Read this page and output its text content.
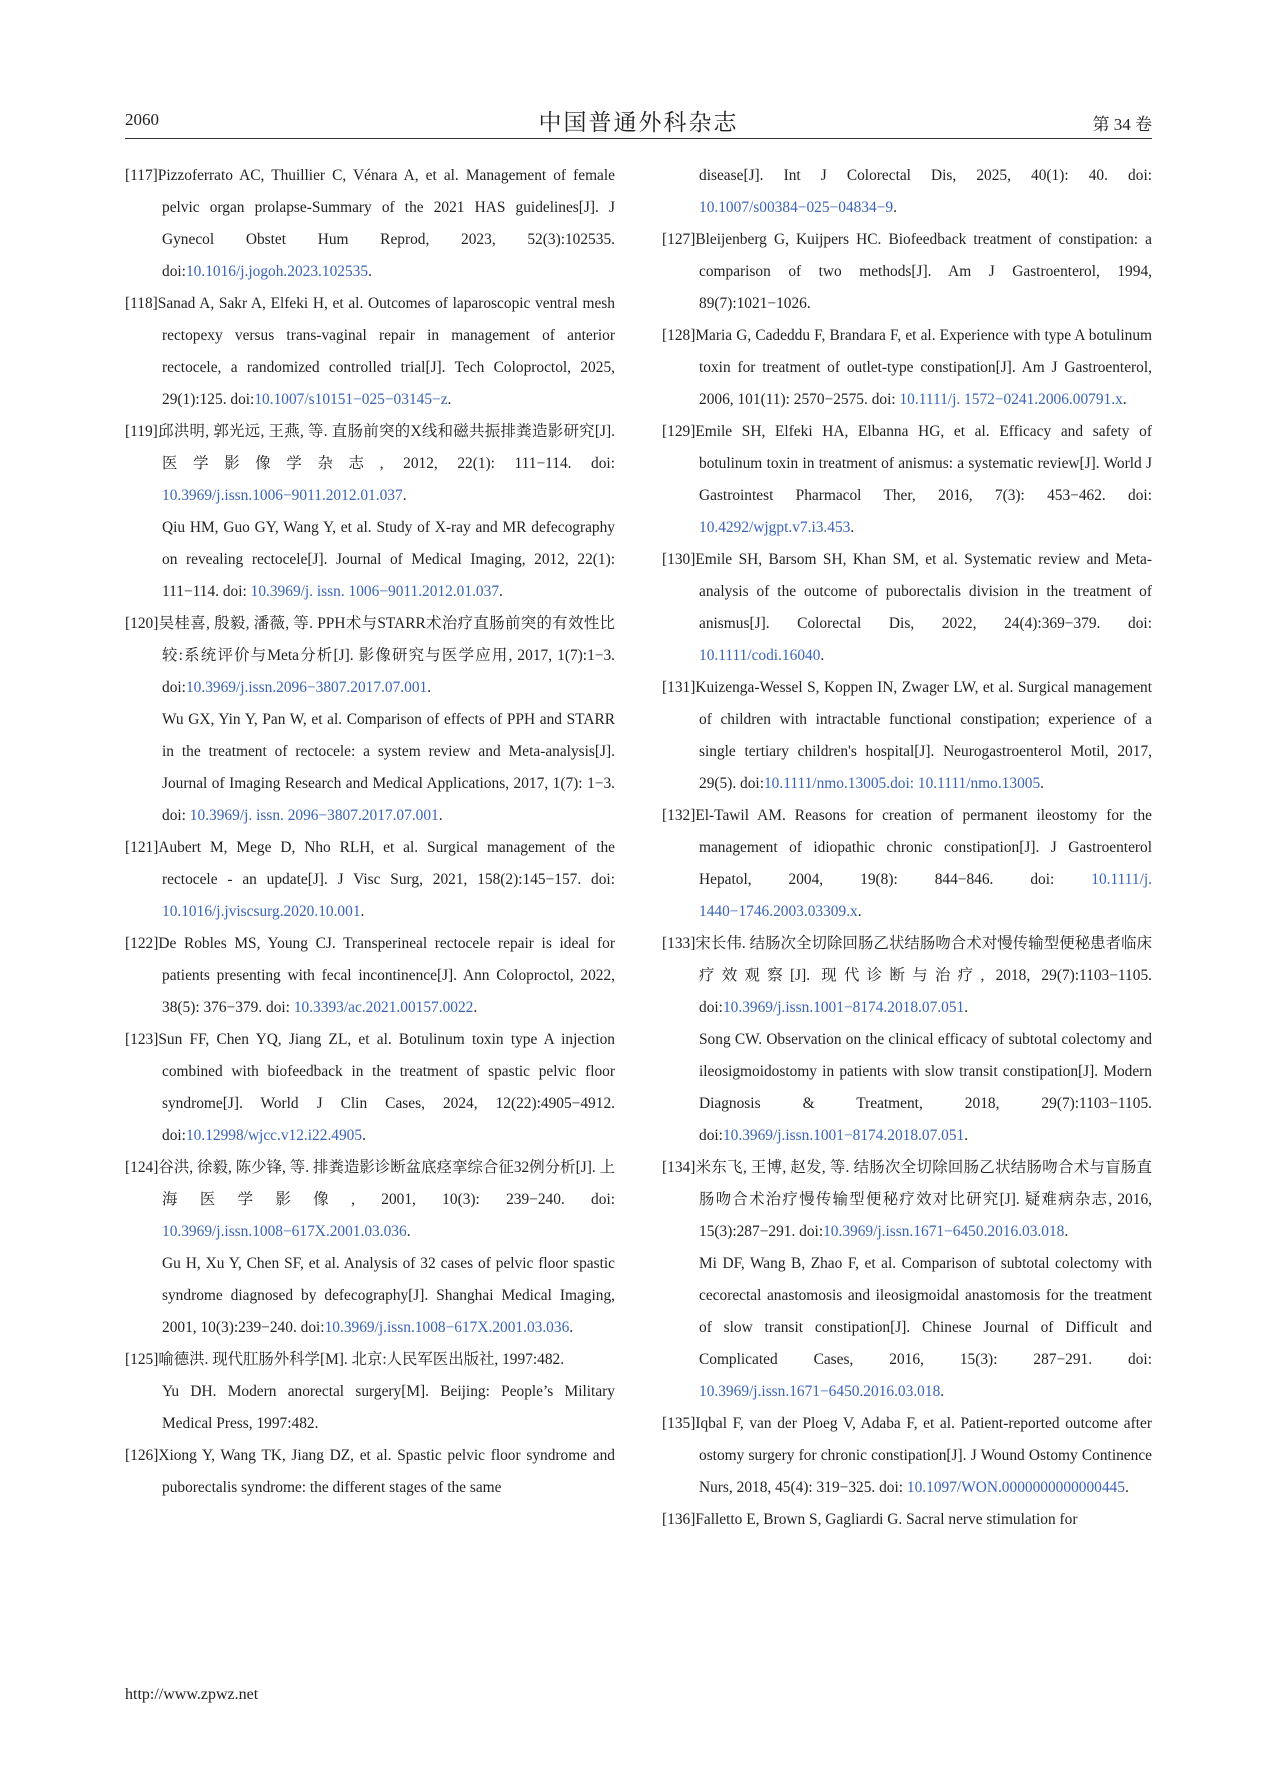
2060	中国普通外科杂志	第 34 卷
[117]Pizzoferrato AC, Thuillier C, Vénara A, et al. Management of female pelvic organ prolapse-Summary of the 2021 HAS guidelines[J]. J Gynecol Obstet Hum Reprod, 2023, 52(3):102535. doi:10.1016/j.jogoh.2023.102535.
[118]Sanad A, Sakr A, Elfeki H, et al. Outcomes of laparoscopic ventral mesh rectopexy versus trans-vaginal repair in management of anterior rectocele, a randomized controlled trial[J]. Tech Coloproctol, 2025, 29(1):125. doi:10.1007/s10151−025−03145−z.
[119]邱洪明, 郭光远, 王燕, 等. 直肠前突的X线和磁共振排粪造影研究[J]. 医学影像学杂志, 2012, 22(1): 111−114. doi: 10.3969/j.issn.1006−9011.2012.01.037.
Qiu HM, Guo GY, Wang Y, et al. Study of X-ray and MR defecography on revealing rectocele[J]. Journal of Medical Imaging, 2012, 22(1): 111−114. doi: 10.3969/j. issn. 1006−9011.2012.01.037.
[120]吴桂喜, 殷毅, 潘薇, 等. PPH术与STARR术治疗直肠前突的有效性比较:系统评价与Meta分析[J]. 影像研究与医学应用, 2017, 1(7):1−3. doi:10.3969/j.issn.2096−3807.2017.07.001.
Wu GX, Yin Y, Pan W, et al. Comparison of effects of PPH and STARR in the treatment of rectocele: a system review and Meta-analysis[J]. Journal of Imaging Research and Medical Applications, 2017, 1(7): 1−3. doi: 10.3969/j. issn. 2096−3807.2017.07.001.
[121]Aubert M, Mege D, Nho RLH, et al. Surgical management of the rectocele - an update[J]. J Visc Surg, 2021, 158(2):145−157. doi: 10.1016/j.jviscsurg.2020.10.001.
[122]De Robles MS, Young CJ. Transperineal rectocele repair is ideal for patients presenting with fecal incontinence[J]. Ann Coloproctol, 2022, 38(5): 376−379. doi: 10.3393/ac.2021.00157.0022.
[123]Sun FF, Chen YQ, Jiang ZL, et al. Botulinum toxin type A injection combined with biofeedback in the treatment of spastic pelvic floor syndrome[J]. World J Clin Cases, 2024, 12(22):4905−4912. doi:10.12998/wjcc.v12.i22.4905.
[124]谷洪, 徐毅, 陈少锋, 等. 排粪造影诊断盆底痉挛综合征32例分析[J]. 上海医学影像, 2001, 10(3): 239−240. doi: 10.3969/j.issn.1008−617X.2001.03.036.
Gu H, Xu Y, Chen SF, et al. Analysis of 32 cases of pelvic floor spastic syndrome diagnosed by defecography[J]. Shanghai Medical Imaging, 2001, 10(3):239−240. doi:10.3969/j.issn.1008−617X.2001.03.036.
[125]喻德洪. 现代肛肠外科学[M]. 北京:人民军医出版社, 1997:482.
Yu DH. Modern anorectal surgery[M]. Beijing: People’s Military Medical Press, 1997:482.
[126]Xiong Y, Wang TK, Jiang DZ, et al. Spastic pelvic floor syndrome and puborectalis syndrome: the different stages of the same
disease[J]. Int J Colorectal Dis, 2025, 40(1): 40. doi: 10.1007/s00384−025−04834−9.
[127]Bleijenberg G, Kuijpers HC. Biofeedback treatment of constipation: a comparison of two methods[J]. Am J Gastroenterol, 1994, 89(7):1021−1026.
[128]Maria G, Cadeddu F, Brandara F, et al. Experience with type A botulinum toxin for treatment of outlet-type constipation[J]. Am J Gastroenterol, 2006, 101(11): 2570−2575. doi: 10.1111/j. 1572−0241.2006.00791.x.
[129]Emile SH, Elfeki HA, Elbanna HG, et al. Efficacy and safety of botulinum toxin in treatment of anismus: a systematic review[J]. World J Gastrointest Pharmacol Ther, 2016, 7(3): 453−462. doi: 10.4292/wjgpt.v7.i3.453.
[130]Emile SH, Barsom SH, Khan SM, et al. Systematic review and Meta-analysis of the outcome of puborectalis division in the treatment of anismus[J]. Colorectal Dis, 2022, 24(4):369−379. doi: 10.1111/codi.16040.
[131]Kuizenga-Wessel S, Koppen IN, Zwager LW, et al. Surgical management of children with intractable functional constipation; experience of a single tertiary children's hospital[J]. Neurogastroenterol Motil, 2017, 29(5). doi:10.1111/nmo.13005.doi: 10.1111/nmo.13005.
[132]El-Tawil AM. Reasons for creation of permanent ileostomy for the management of idiopathic chronic constipation[J]. J Gastroenterol Hepatol, 2004, 19(8): 844−846. doi: 10.1111/j. 1440−1746.2003.03309.x.
[133]宋长伟. 结肠次全切除回肠乙状结肠吻合术对慢传输型便秘患者临床疗效观察[J]. 现代诊断与治疗, 2018, 29(7):1103−1105. doi:10.3969/j.issn.1001−8174.2018.07.051.
Song CW. Observation on the clinical efficacy of subtotal colectomy and ileosigmoidostomy in patients with slow transit constipation[J]. Modern Diagnosis & Treatment, 2018, 29(7):1103−1105. doi:10.3969/j.issn.1001−8174.2018.07.051.
[134]米东飞, 王博, 赵发, 等. 结肠次全切除回肠乙状结肠吻合术与盲肠直肠吻合术治疗慢传输型便秘疗效对比研究[J]. 疑难病杂志, 2016, 15(3):287−291. doi:10.3969/j.issn.1671−6450.2016.03.018.
Mi DF, Wang B, Zhao F, et al. Comparison of subtotal colectomy with cecorectal anastomosis and ileosigmoidal anastomosis for the treatment of slow transit constipation[J]. Chinese Journal of Difficult and Complicated Cases, 2016, 15(3): 287−291. doi: 10.3969/j.issn.1671−6450.2016.03.018.
[135]Iqbal F, van der Ploeg V, Adaba F, et al. Patient-reported outcome after ostomy surgery for chronic constipation[J]. J Wound Ostomy Continence Nurs, 2018, 45(4): 319−325. doi: 10.1097/WON.0000000000000445.
[136]Falletto E, Brown S, Gagliardi G. Sacral nerve stimulation for
http://www.zpwz.net
